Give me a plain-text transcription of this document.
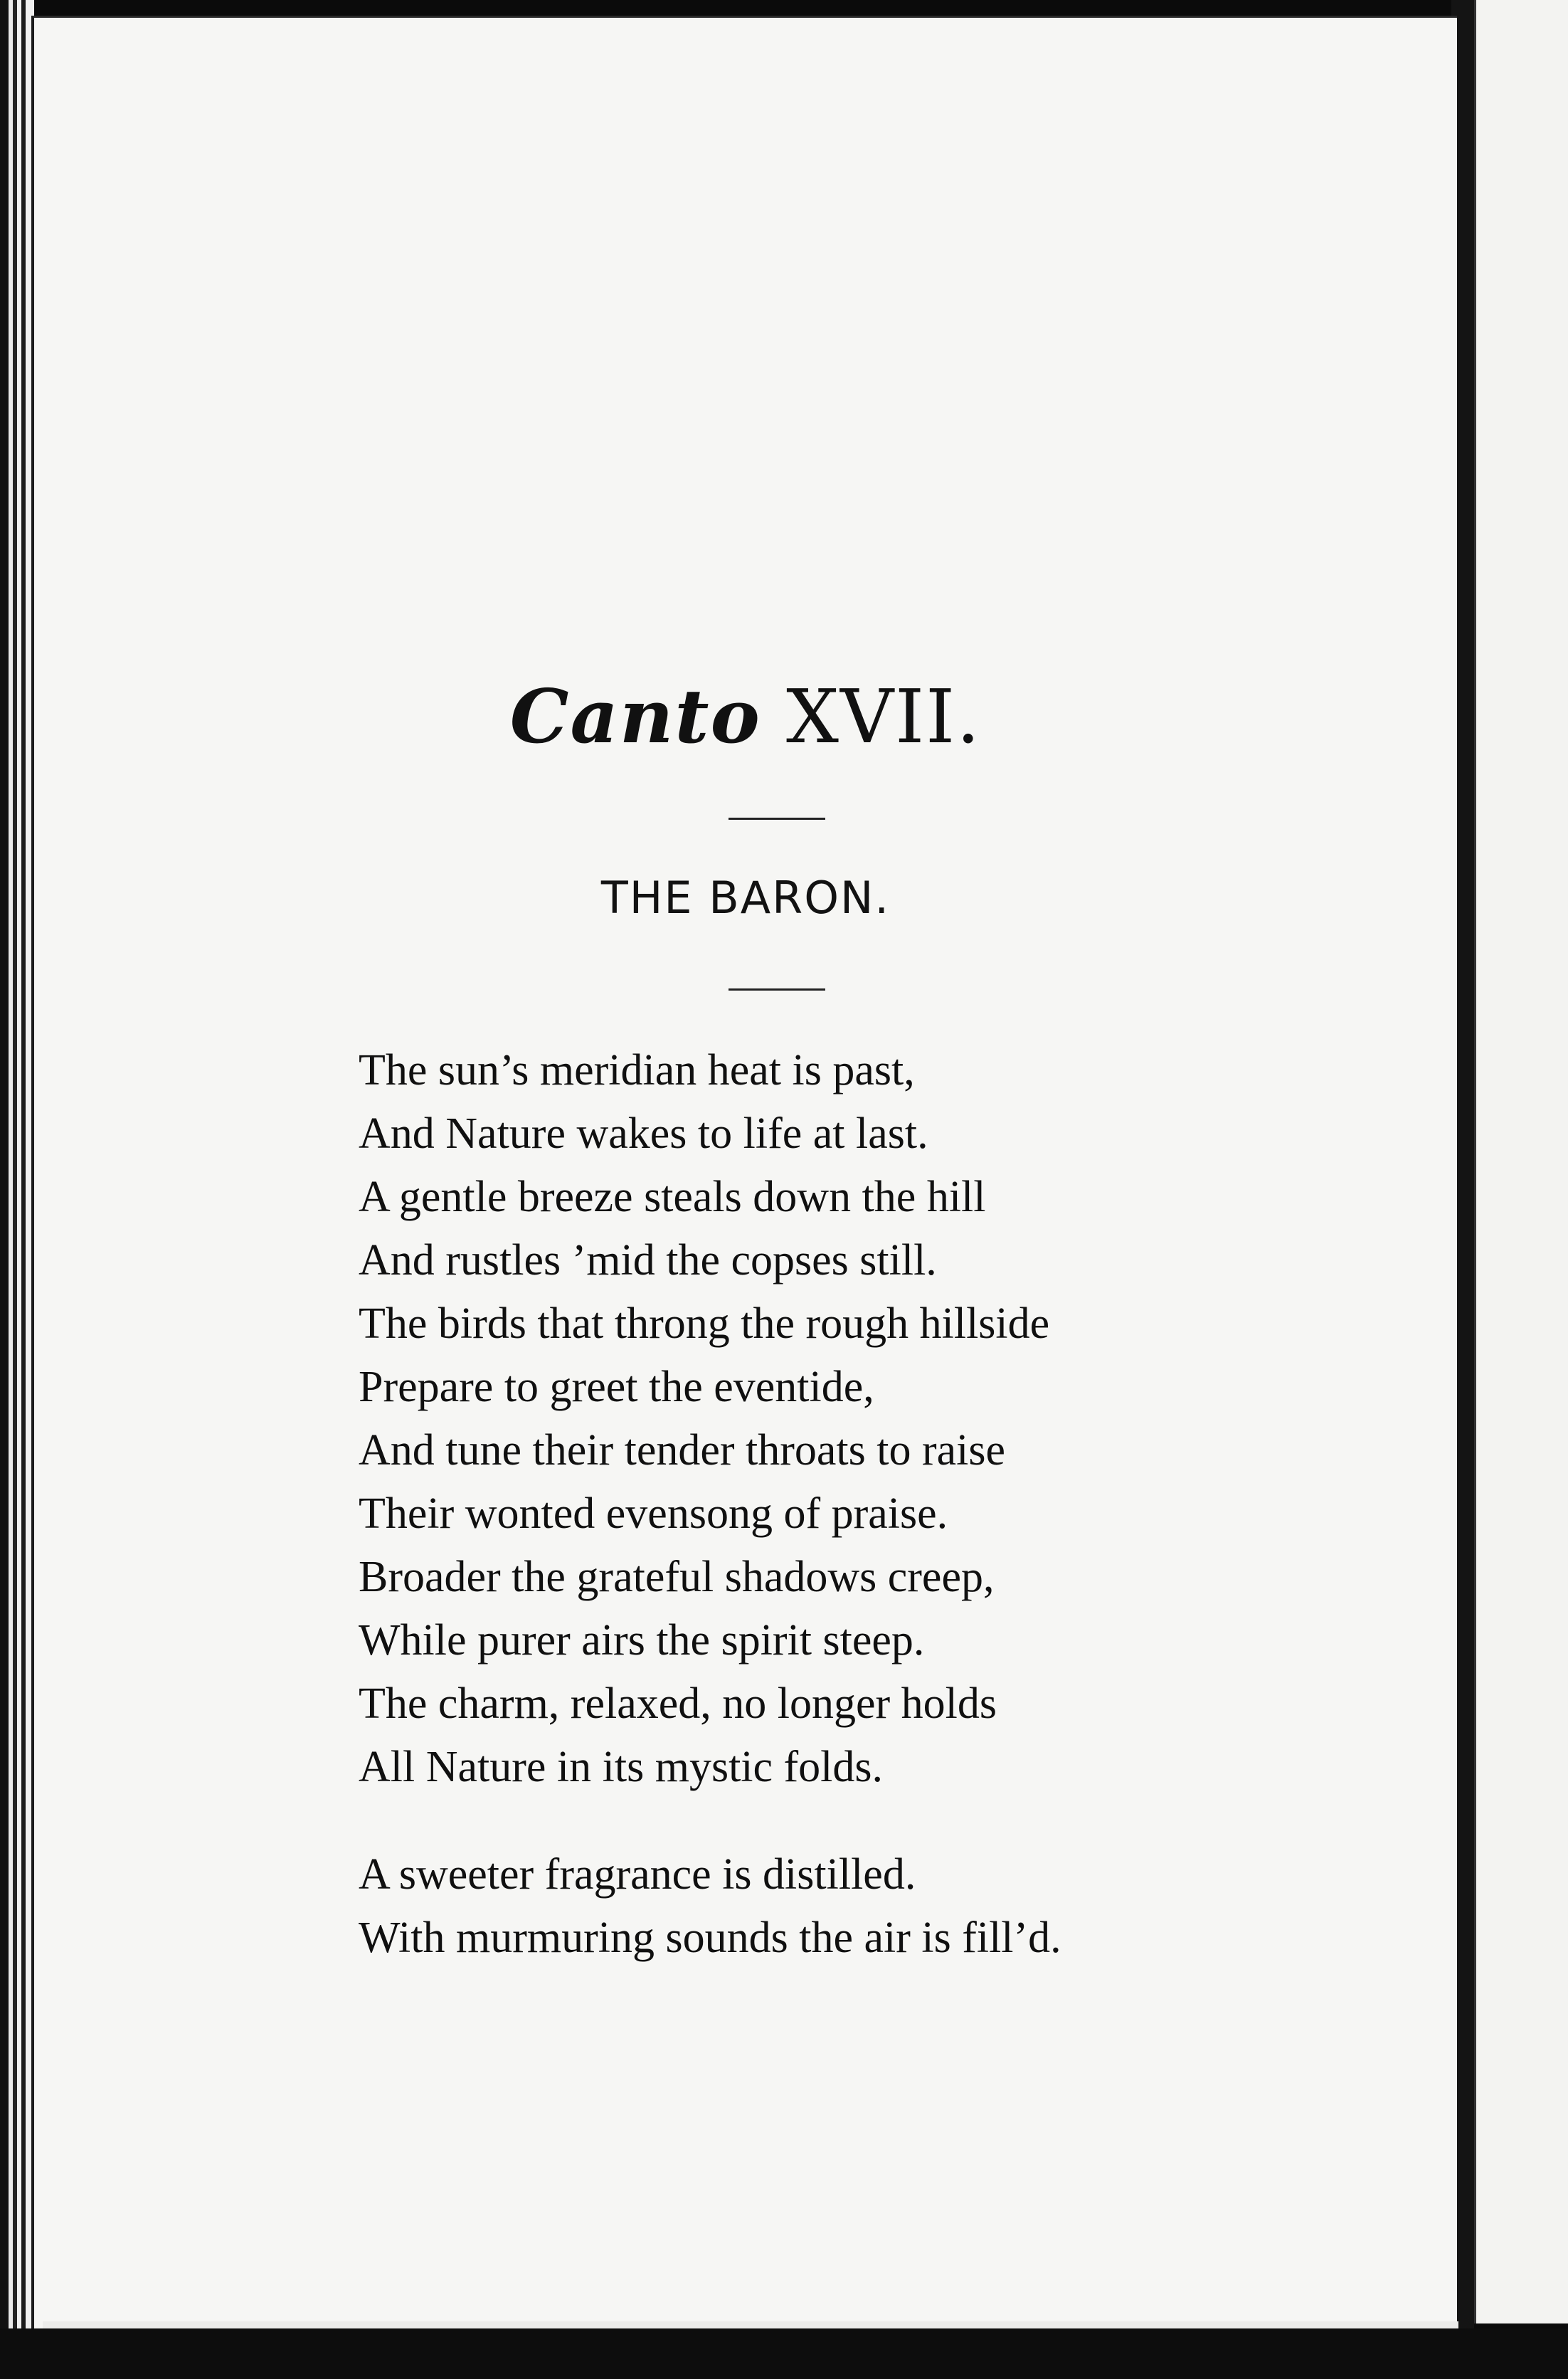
Canto XVII.
THE BARON.
The sun’s meridian heat is past,
And Nature wakes to life at last.
A gentle breeze steals down the hill
And rustles ’mid the copses still.
The birds that throng the rough hillside
Prepare to greet the eventide,
And tune their tender throats to raise
Their wonted evensong of praise.
Broader the grateful shadows creep,
While purer airs the spirit steep.
The charm, relaxed, no longer holds
All Nature in its mystic folds.
A sweeter fragrance is distilled.
With murmuring sounds the air is fill’d.
